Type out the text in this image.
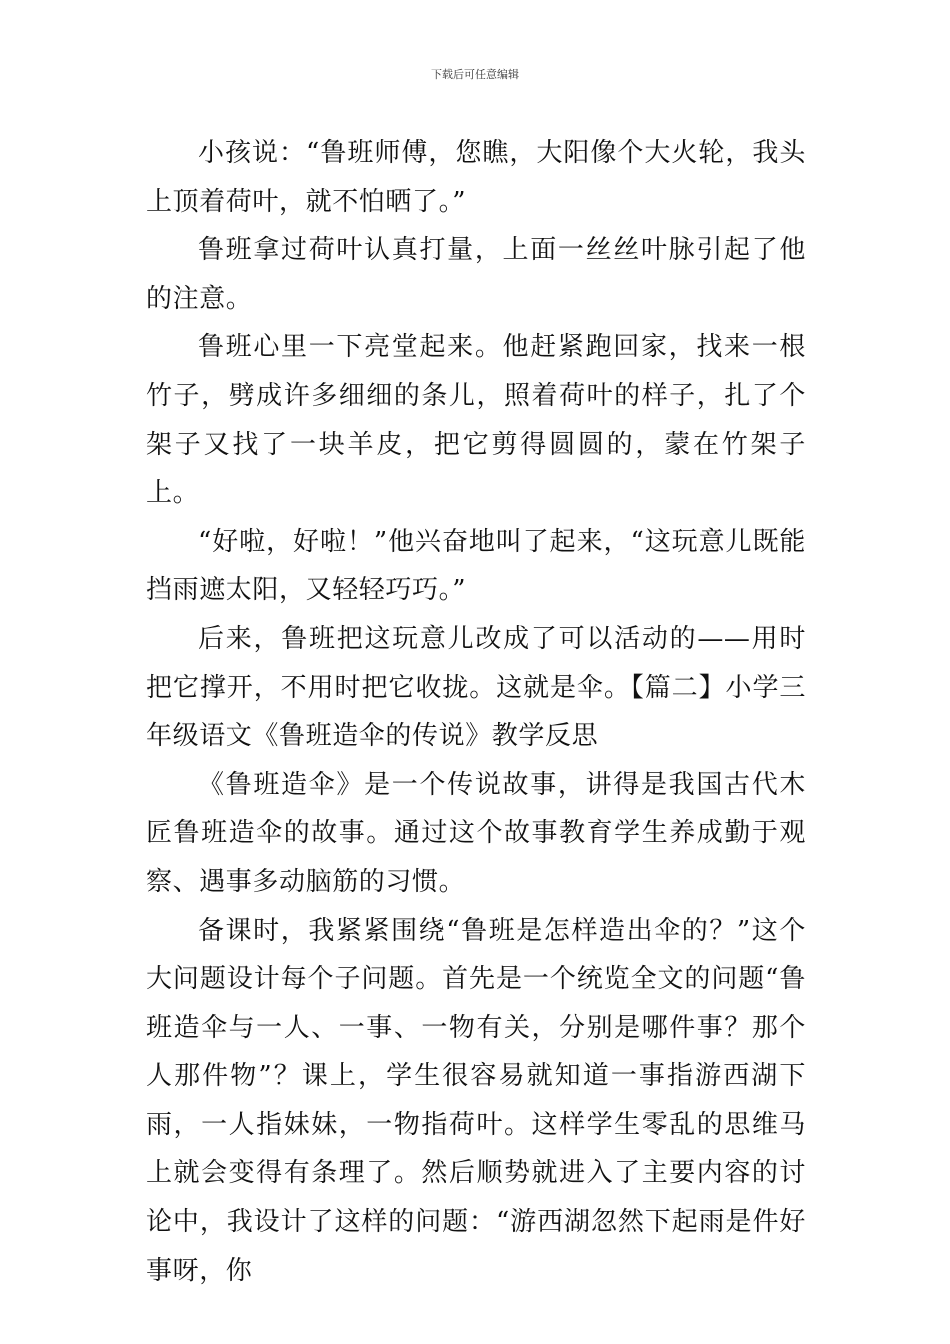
下载后可任意编辑

小孩说：“鲁班师傅，您瞧，大阳像个大火轮，我头上顶着荷叶，就不怕晒了。”

鲁班拿过荷叶认真打量，上面一丝丝叶脉引起了他的注意。

鲁班心里一下亮堂起来。他赶紧跑回家，找来一根竹子，劈成许多细细的条儿，照着荷叶的样子，扎了个架子又找了一块羊皮，把它剪得圆圆的，蒙在竹架子上。

“好啦，好啦！”他兴奋地叫了起来，“这玩意儿既能挡雨遮太阳，又轻轻巧巧。”

后来，鲁班把这玩意儿改成了可以活动的——用时把它撑开，不用时把它收拢。这就是伞。【篇二】小学三年级语文《鲁班造伞的传说》教学反思

《鲁班造伞》是一个传说故事，讲得是我国古代木匠鲁班造伞的故事。通过这个故事教育学生养成勤于观察、遇事多动脑筋的习惯。

备课时，我紧紧围绕“鲁班是怎样造出伞的？”这个大问题设计每个子问题。首先是一个统览全文的问题“鲁班造伞与一人、一事、一物有关，分别是哪件事？那个人那件物”？课上，学生很容易就知道一事指游西湖下雨，一人指妹妹，一物指荷叶。这样学生零乱的思维马上就会变得有条理了。然后顺势就进入了主要内容的讨论中，我设计了这样的问题：“游西湖忽然下起雨是件好事呀，你
